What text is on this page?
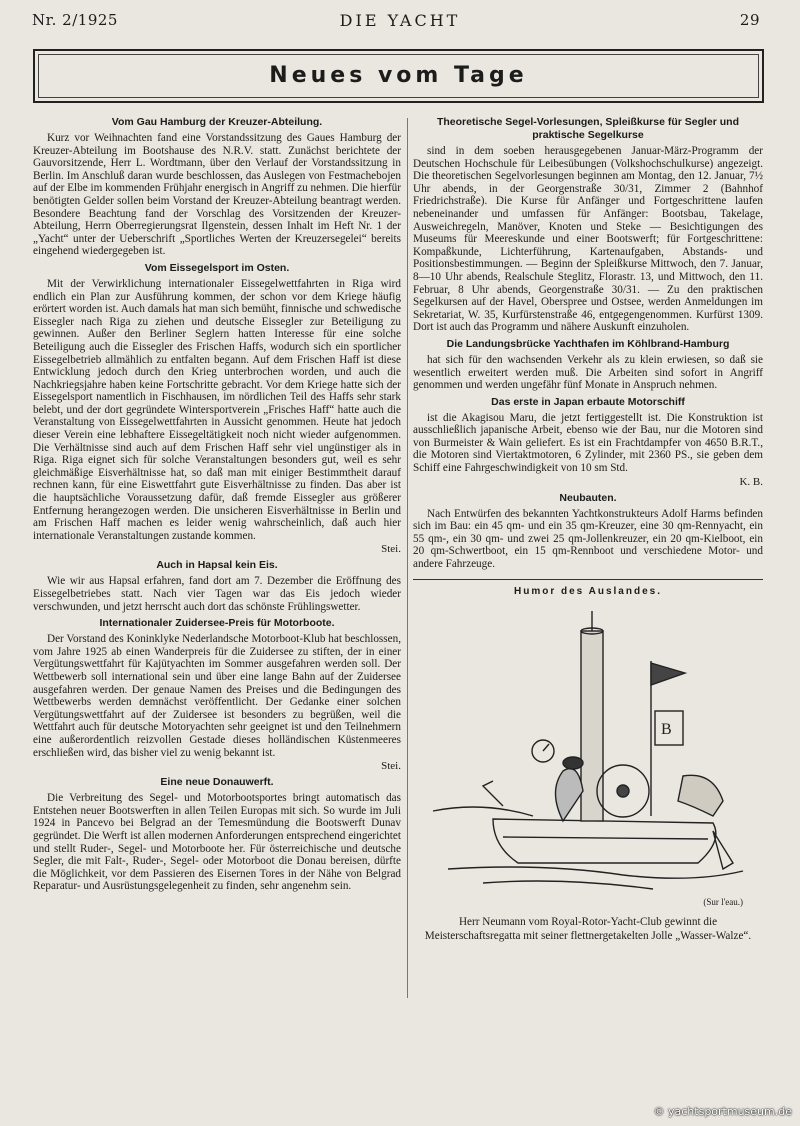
Nr. 2/1925	DIE YACHT	29
Neues vom Tage
Vom Gau Hamburg der Kreuzer-Abteilung.

Kurz vor Weihnachten fand eine Vorstandssitzung des Gaues Hamburg der Kreuzer-Abteilung im Bootshause des N.R.V. statt. Zunächst berichtete der Gauvorsitzende, Herr L. Wordtmann, über den Verlauf der Vorstandssitzung in Berlin. Im Anschluß daran wurde beschlossen, das Auslegen von Festmachebojen auf der Elbe im kommenden Frühjahr energisch in Angriff zu nehmen. Die hierfür benötigten Gelder sollen beim Vorstand der Kreuzer-Abteilung beantragt werden. Besondere Beachtung fand der Vorschlag des Vorsitzenden der Kreuzer-Abteilung, Herrn Oberregierungsrat Ilgenstein, dessen Inhalt im Heft Nr. 1 der „Yacht“ unter der Ueberschrift „Sportliches Werten der Kreuzersegelei“ bereits eingehend wiedergegeben ist.

Vom Eissegelsport im Osten.

Mit der Verwirklichung internationaler Eissegelwettfahrten in Riga wird endlich ein Plan zur Ausführung kommen, der schon vor dem Kriege häufig erörtert worden ist. Auch damals hat man sich bemüht, finnische und schwedische Eissegler nach Riga zu ziehen und deutsche Eissegler zur Beteiligung zu gewinnen. Außer den Berliner Seglern hatten Interesse für eine solche Beteiligung auch die Eissegler des Frischen Haffs, wodurch sich ein sportlicher Eissegelbetrieb allmählich zu entfalten begann. Auf dem Frischen Haff ist diese Entwicklung jedoch durch den Krieg unterbrochen worden, und auch die Nachkriegsjahre haben keine Fortschritte gebracht. Vor dem Kriege hatte sich der Eissegelsport namentlich in Fischhausen, im nördlichen Teil des Haffs sehr stark belebt, und der dort gegründete Wintersportverein „Frisches Haff“ hatte auch die Veranstaltung von Eissegelwettfahrten in Aussicht genommen. Heute hat jedoch dieser Verein eine lebhaftere Eissegeltätigkeit noch nicht wieder aufgenommen. Die Verhältnisse sind auch auf dem Frischen Haff sehr viel ungünstiger als in Riga. Riga eignet sich für solche Veranstaltungen besonders gut, weil es sehr gleichmäßige Eisverhältnisse hat, so daß man mit einiger Bestimmtheit darauf rechnen kann, für eine Eiswettfahrt gute Eisverhältnisse zu finden. Das aber ist die hauptsächliche Voraussetzung dafür, daß fremde Eissegler aus größerer Entfernung herangezogen werden. Die unsicheren Eisverhältnisse in Berlin und am Frischen Haff machen es leider wenig wahrscheinlich, daß auch hier internationale Veranstaltungen zustande kommen.

Stei.

Auch in Hapsal kein Eis.

Wie wir aus Hapsal erfahren, fand dort am 7. Dezember die Eröffnung des Eissegelbetriebes statt. Nach vier Tagen war das Eis jedoch wieder verschwunden, und jetzt herrscht auch dort das schönste Frühlingswetter.

Internationaler Zuidersee-Preis für Motorboote.

Der Vorstand des Koninklyke Nederlandsche Motorboot-Klub hat beschlossen, vom Jahre 1925 ab einen Wanderpreis für die Zuidersee zu stiften, der in einer Vergütungswettfahrt für Kajütyachten im Sommer ausgefahren werden soll. Der Wettbewerb soll international sein und über eine lange Bahn auf der Zuidersee ausgefahren werden. Der genaue Namen des Preises und die Bedingungen des Wettbewerbs werden demnächst veröffentlicht. Der Gedanke einer solchen Vergütungswettfahrt auf der Zuidersee ist besonders zu begrüßen, weil die Wettfahrt auch für deutsche Motoryachten sehr geeignet ist und den Teilnehmern eine außerordentlich reizvollen Gestade dieses holländischen Küstenmeeres erschließen wird, das bisher viel zu wenig bekannt ist.

Stei.

Eine neue Donauwerft.

Die Verbreitung des Segel- und Motorbootsportes bringt automatisch das Entstehen neuer Bootswerften in allen Teilen Europas mit sich. So wurde im Juli 1924 in Pancevo bei Belgrad an der Temesmündung die Bootswerft Dunav gegründet. Die Werft ist allen modernen Anforderungen entsprechend eingerichtet und stellt Ruder-, Segel- und Motorboote her. Für österreichische und deutsche Segler, die mit Falt-, Ruder-, Segel- oder Motorboot die Donau bereisen, dürfte die Möglichkeit, vor dem Passieren des Eisernen Tores in der Nähe von Belgrad Reparatur- und Ausrüstungsgelegenheit zu finden, sehr angenehm sein.

Theoretische Segel-Vorlesungen, Spleißkurse für Segler und praktische Segelkurse

sind in dem soeben herausgegebenen Januar-März-Programm der Deutschen Hochschule für Leibesübungen (Volkshochschulkurse) angezeigt. Die theoretischen Segelvorlesungen beginnen am Montag, den 12. Januar, 7½ Uhr abends, in der Georgenstraße 30/31, Zimmer 2 (Bahnhof Friedrichstraße). Die Kurse für Anfänger und Fortgeschrittene laufen nebeneinander und umfassen für Anfänger: Bootsbau, Takelage, Ausweichregeln, Manöver, Knoten und Steke — Besichtigungen des Museums für Meereskunde und einer Bootswerft; für Fortgeschrittene: Kompaßkunde, Lichterführung, Kartenaufgaben, Abstands- und Positionsbestimmungen. — Beginn der Spleißkurse Mittwoch, den 7. Januar, 8—10 Uhr abends, Realschule Steglitz, Florastr. 13, und Mittwoch, den 11. Februar, 8 Uhr abends, Georgenstraße 30/31. — Zu den praktischen Segelkursen auf der Havel, Oberspree und Ostsee, werden Anmeldungen im Sekretariat, W. 35, Kurfürstenstraße 46, entgegengenommen. Kurfürst 1309. Dort ist auch das Programm und nähere Auskunft einzuholen.

Die Landungsbrücke Yachthafen im Köhlbrand-Hamburg

hat sich für den wachsenden Verkehr als zu klein erwiesen, so daß sie wesentlich erweitert werden muß. Die Arbeiten sind sofort in Angriff genommen und werden ungefähr fünf Monate in Anspruch nehmen.

Das erste in Japan erbaute Motorschiff

ist die Akagisou Maru, die jetzt fertiggestellt ist. Die Konstruktion ist ausschließlich japanische Arbeit, ebenso wie der Bau, nur die Motoren sind von Burmeister & Wain geliefert. Es ist ein Frachtdampfer von 4650 B.R.T., die Motoren sind Viertaktmotoren, 6 Zylinder, mit 2360 PS., sie geben dem Schiff eine Fahrgeschwindigkeit von 10 sm Std.

K. B.

Neubauten.

Nach Entwürfen des bekannten Yachtkonstrukteurs Adolf Harms befinden sich im Bau: ein 45 qm- und ein 35 qm-Kreuzer, eine 30 qm-Rennyacht, ein 55 qm-, ein 30 qm- und zwei 25 qm-Jollenkreuzer, ein 20 qm-Kielboot, ein 20 qm-Schwertboot, ein 15 qm-Rennboot und verschiedene Motor- und andere Fahrzeuge.

Humor des Auslandes.
B
(Sur l'eau.)

Herr Neumann vom Royal-Rotor-Yacht-Club gewinnt die Meisterschaftsregatta mit seiner flettnergetakelten Jolle „Wasser-Walze“.

© yachtsportmuseum.de
